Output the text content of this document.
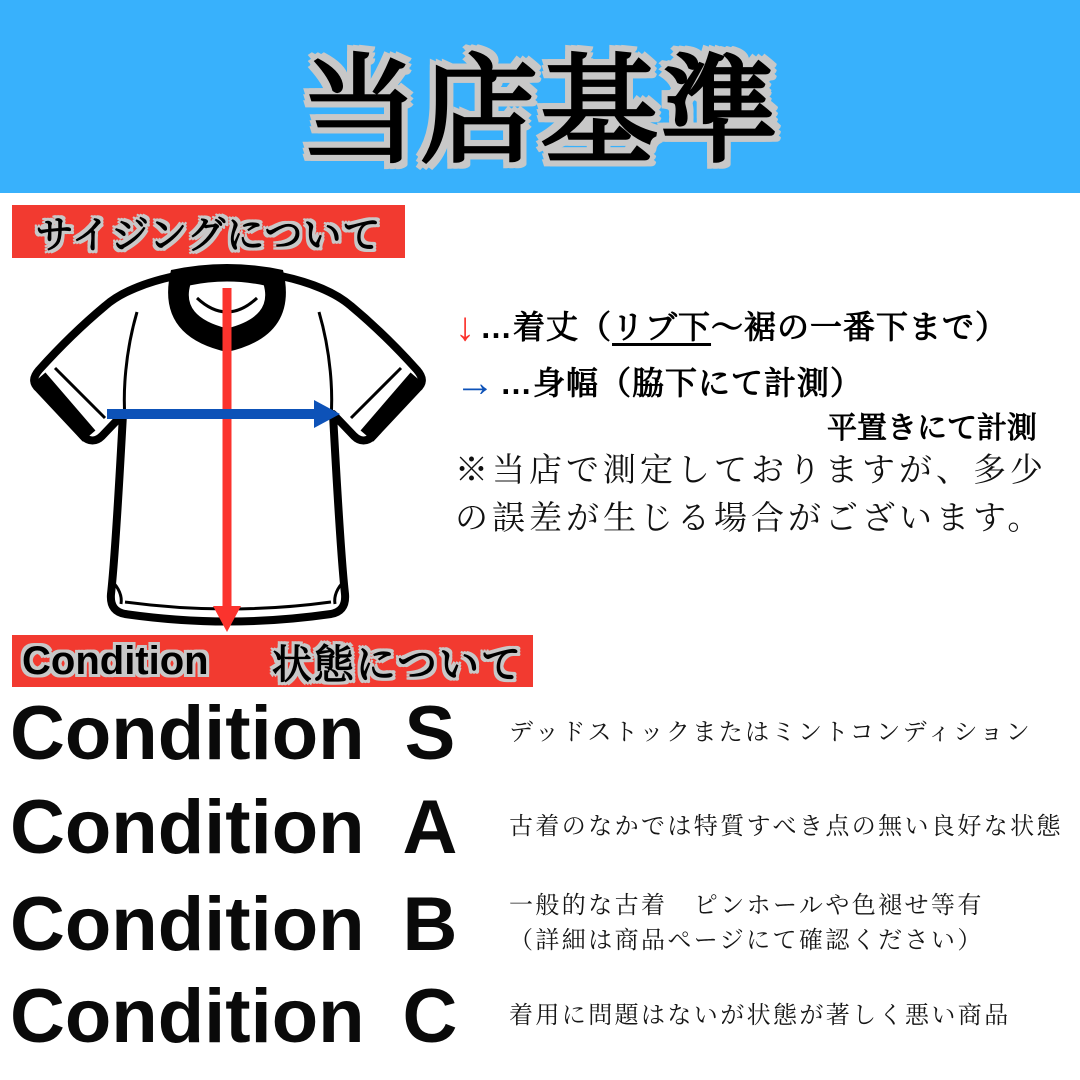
当店基準
サイジングについて
↓ …着丈（リブ下～裾の一番下まで）
→ …身幅（脇下にて計測）
平置きにて計測
※当店で測定しておりますが、多少
の誤差が生じる場合がございます。
Condition 状態について
Condition S	デッドストックまたはミントコンディション
Condition A	古着のなかでは特質すべき点の無い良好な状態
Condition B	一般的な古着　ピンホールや色褪せ等有
（詳細は商品ページにて確認ください）
Condition C	着用に問題はないが状態が著しく悪い商品
